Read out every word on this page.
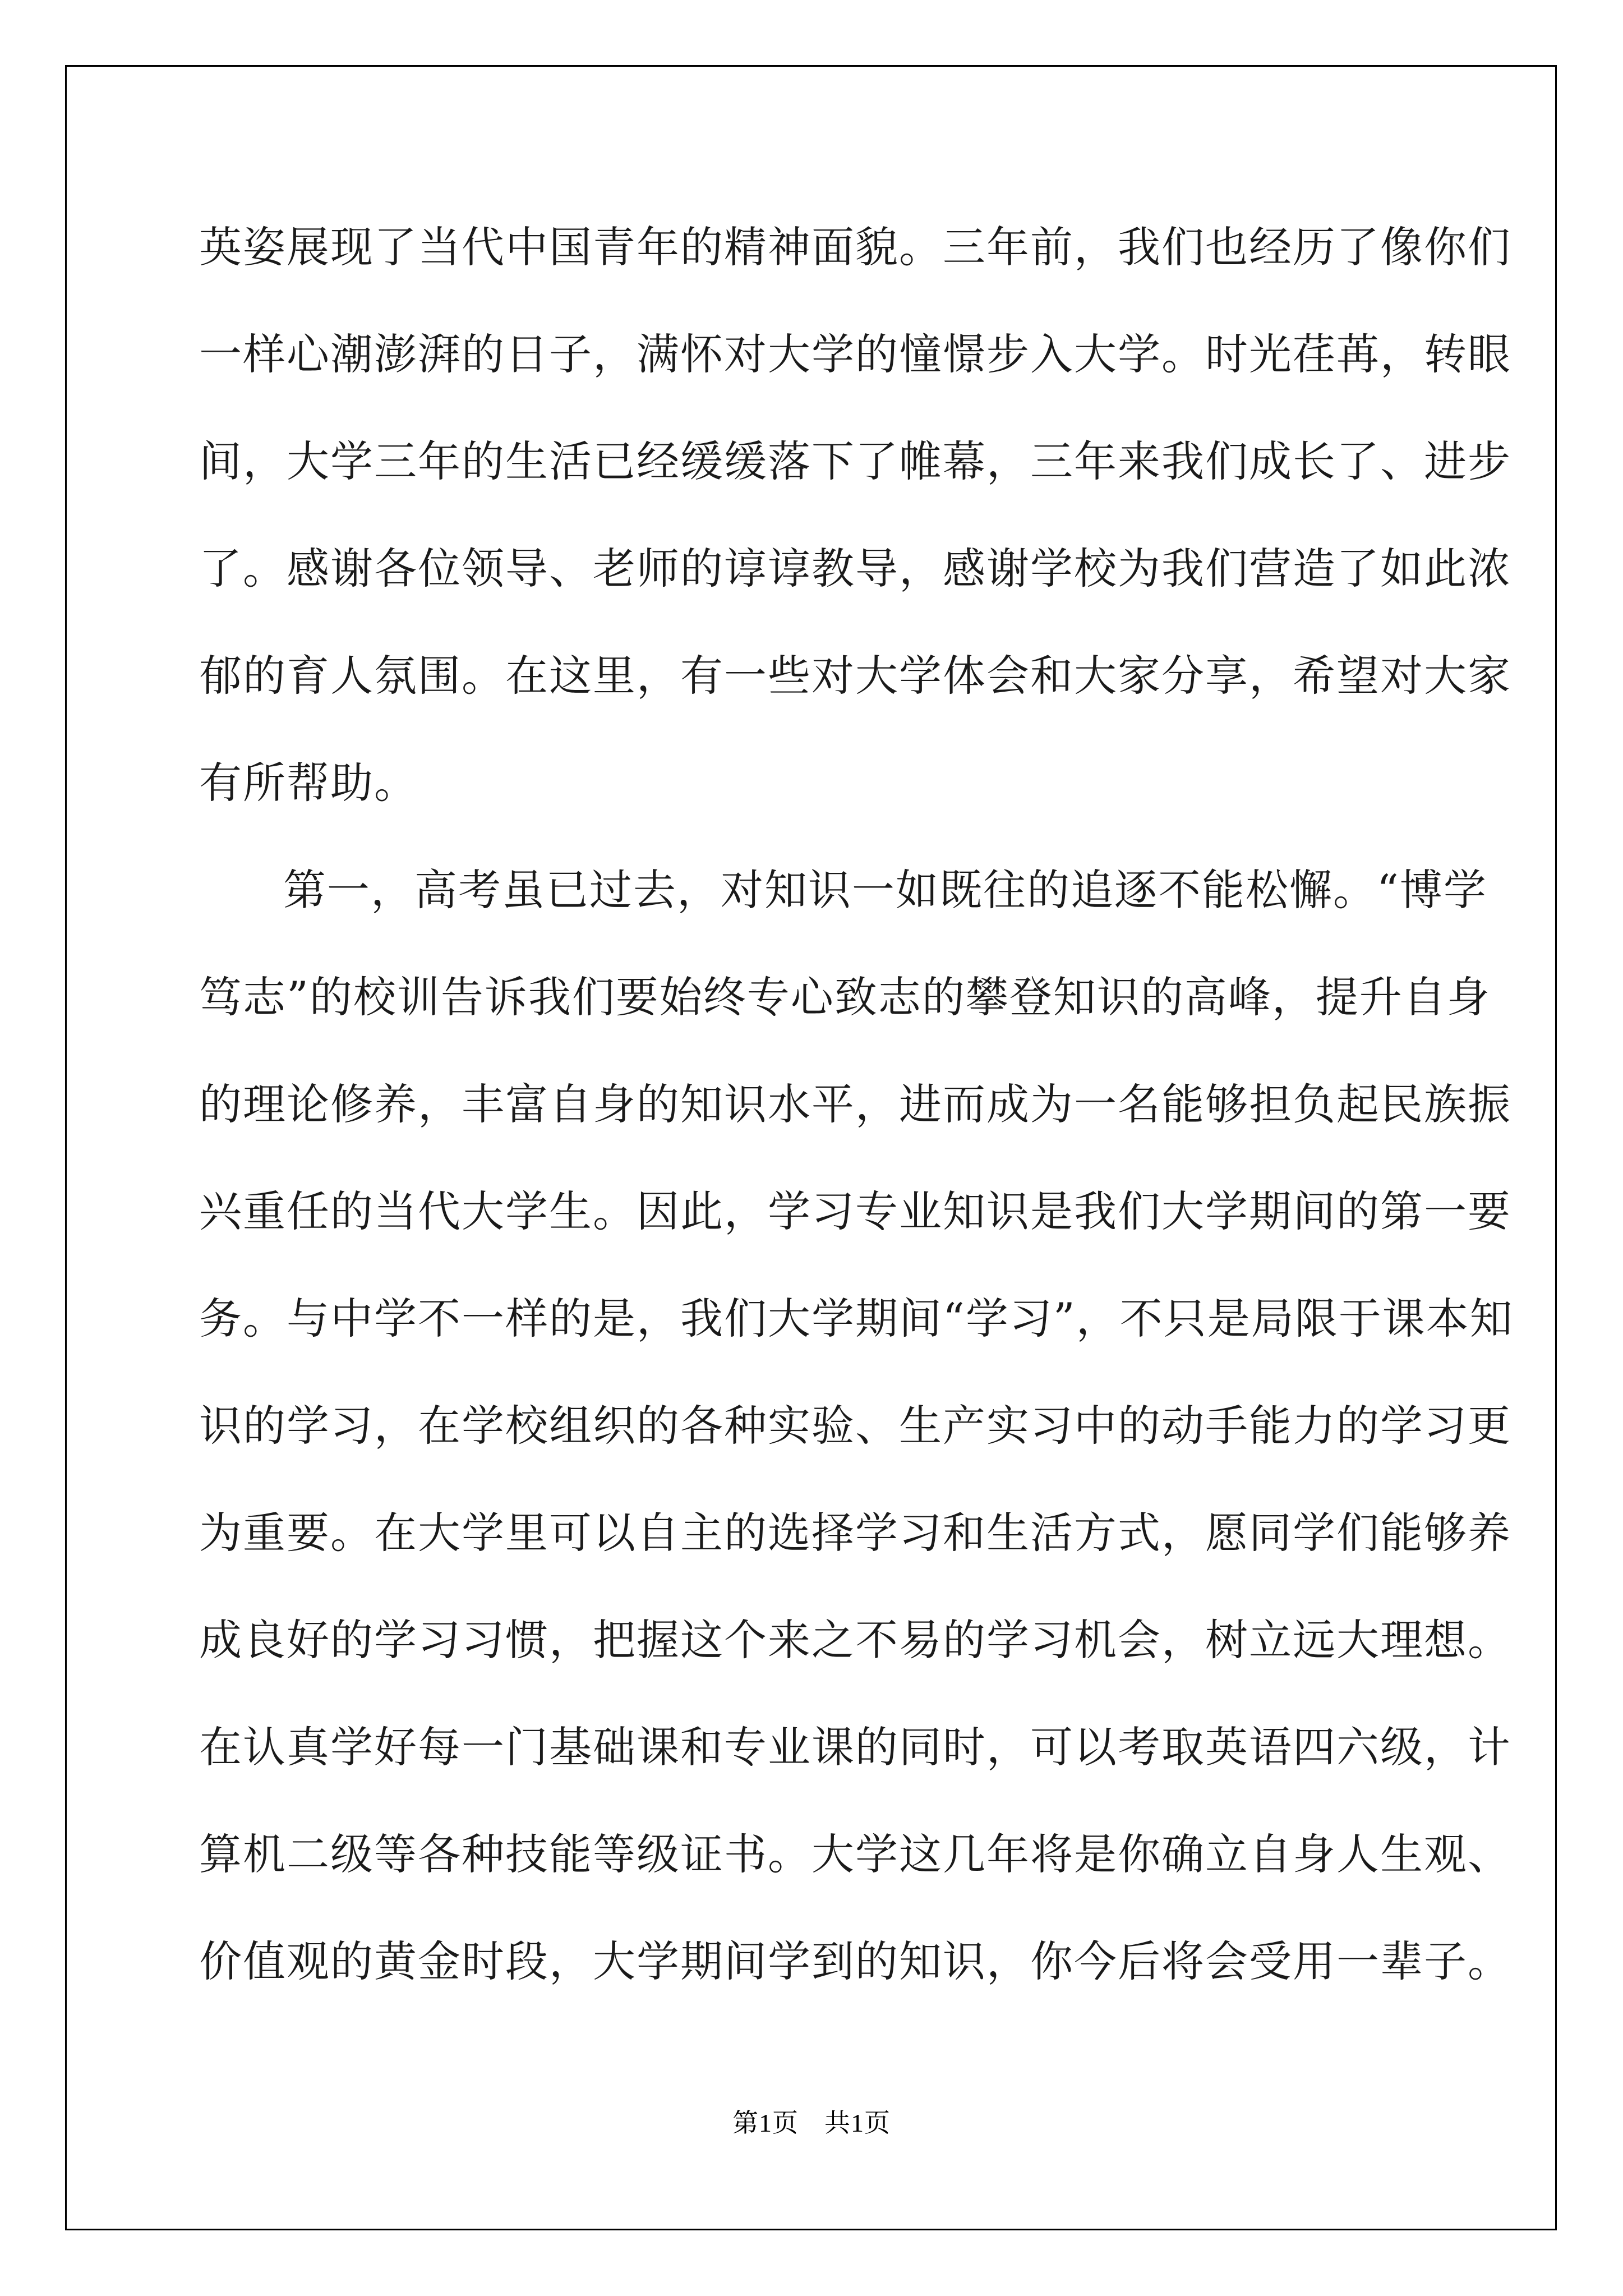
英姿展现了当代中国青年的精神面貌。三年前，我们也经历了像你们
一样心潮澎湃的日子，满怀对大学的憧憬步入大学。时光荏苒，转眼
间，大学三年的生活已经缓缓落下了帷幕，三年来我们成长了、进步
了。感谢各位领导、老师的谆谆教导，感谢学校为我们营造了如此浓
郁的育人氛围。在这里，有一些对大学体会和大家分享，希望对大家
有所帮助。
第一，高考虽已过去，对知识一如既往的追逐不能松懈。“博学
笃志”的校训告诉我们要始终专心致志的攀登知识的高峰，提升自身
的理论修养，丰富自身的知识水平，进而成为一名能够担负起民族振
兴重任的当代大学生。因此，学习专业知识是我们大学期间的第一要
务。与中学不一样的是，我们大学期间“学习”，不只是局限于课本知
识的学习，在学校组织的各种实验、生产实习中的动手能力的学习更
为重要。在大学里可以自主的选择学习和生活方式，愿同学们能够养
成良好的学习习惯，把握这个来之不易的学习机会，树立远大理想。
在认真学好每一门基础课和专业课的同时，可以考取英语四六级，计
算机二级等各种技能等级证书。大学这几年将是你确立自身人生观、
价值观的黄金时段，大学期间学到的知识，你今后将会受用一辈子。
第1页 共1页
